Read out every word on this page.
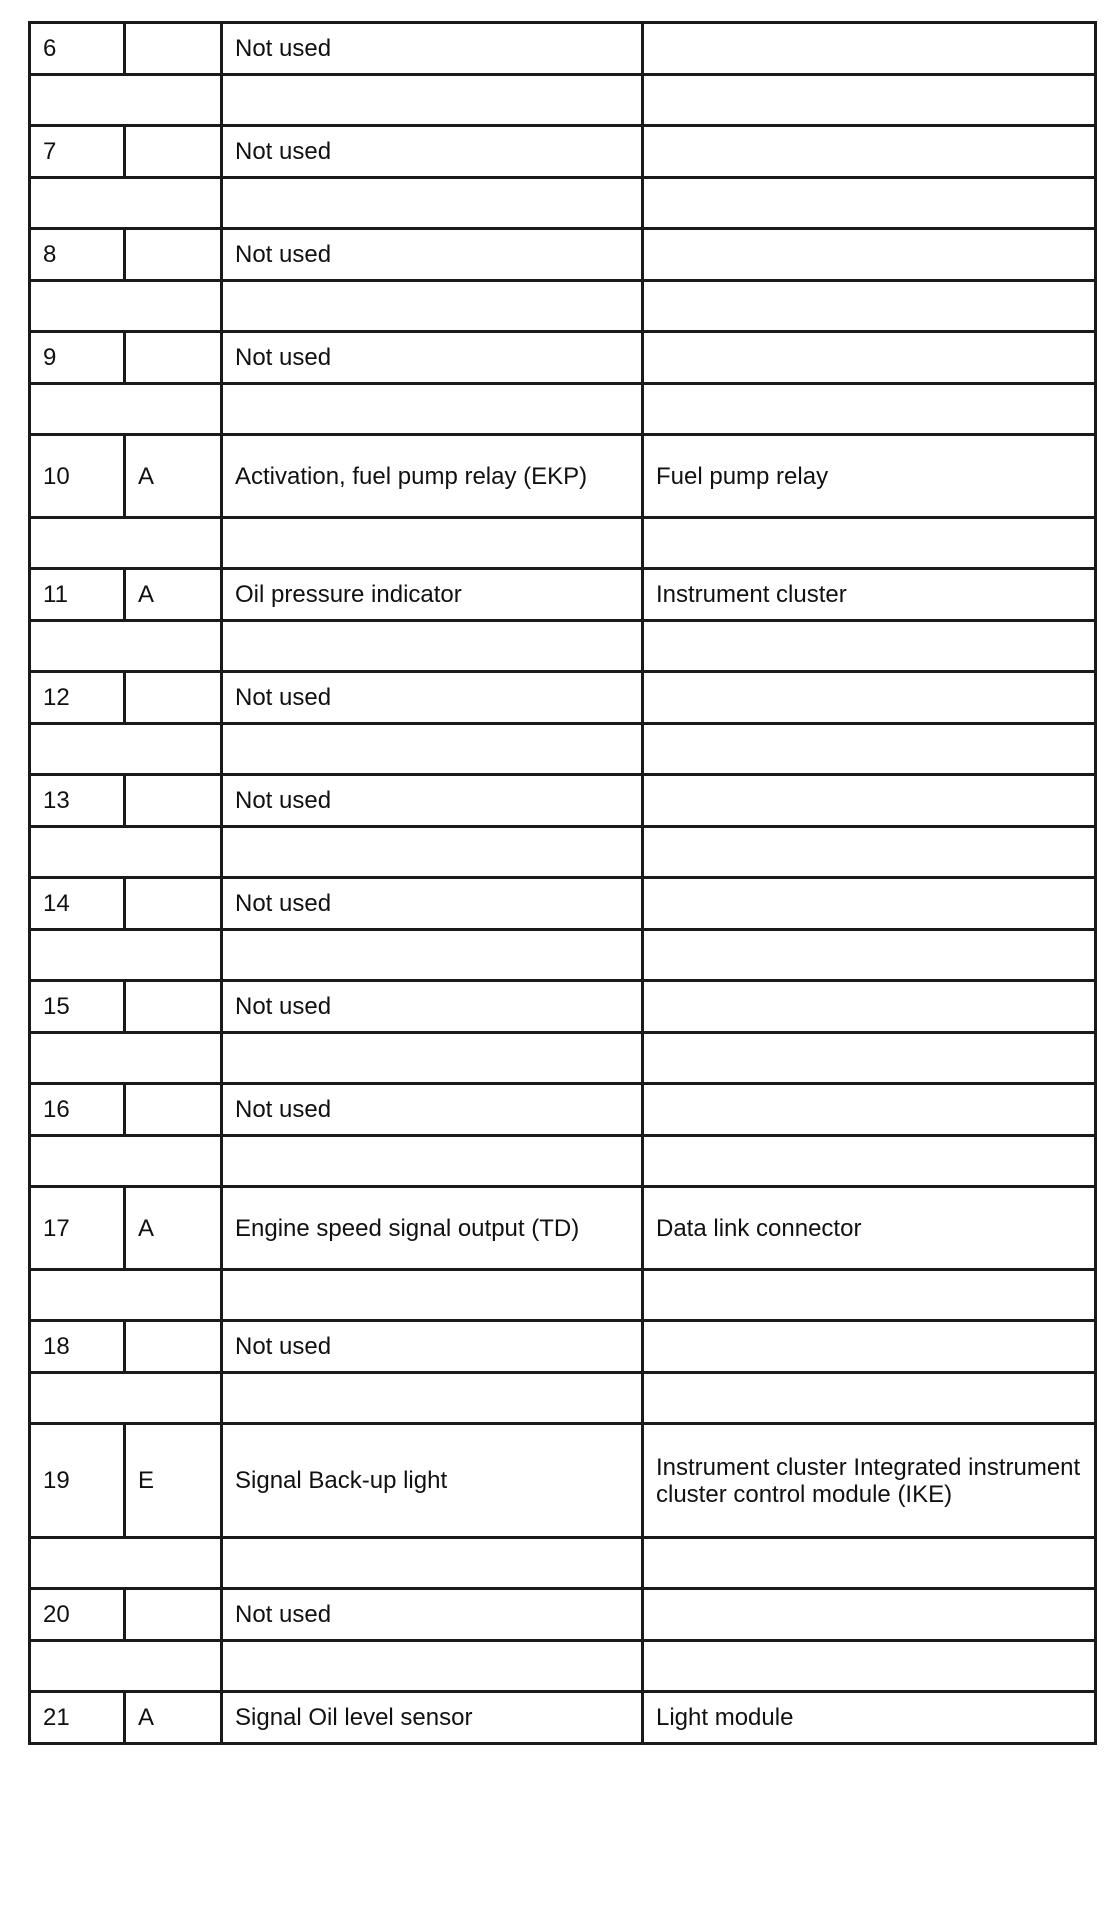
6		Not used	

7		Not used	

8		Not used	

9		Not used	

10	A	Activation, fuel pump relay (EKP)	Fuel pump relay

11	A	Oil pressure indicator	Instrument cluster

12		Not used	

13		Not used	

14		Not used	

15		Not used	

16		Not used	

17	A	Engine speed signal output (TD)	Data link connector

18		Not used	

19	E	Signal Back-up light	Instrument cluster Integrated instrument cluster control module (IKE)

20		Not used	

21	A	Signal Oil level sensor	Light module
